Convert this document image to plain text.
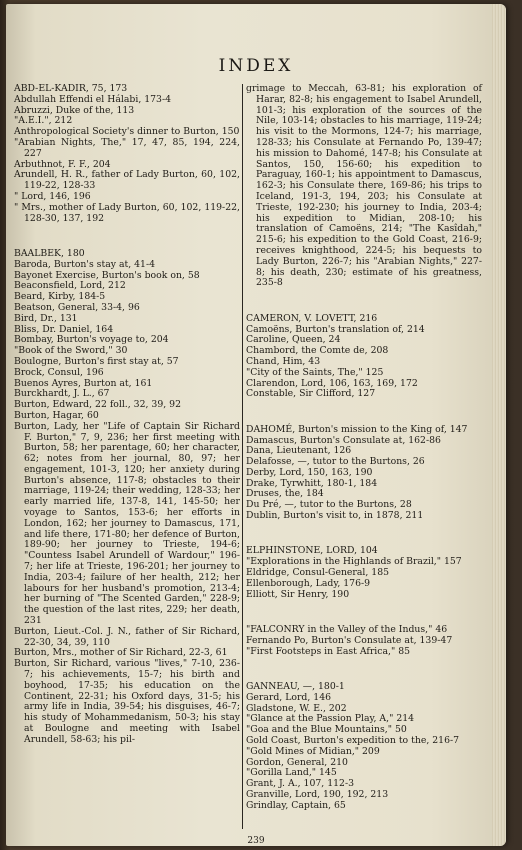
INDEX

ABD-EL-KADIR, 75, 173

Abdullah Effendi el Hálabi, 173-4

Abruzzi, Duke of the, 113

"A.E.I.", 212

Anthropological Society's dinner to Burton, 150

"Arabian Nights, The," 17, 47, 85, 194, 224, 227

Arbuthnot, F. F., 204

Arundell, H. R., father of Lady Burton, 60, 102, 119-22, 128-33

" Lord, 146, 196

" Mrs., mother of Lady Burton, 60, 102, 119-22, 128-30, 137, 192

BAALBEK, 180

Baroda, Burton's stay at, 41-4

Bayonet Exercise, Burton's book on, 58

Beaconsfield, Lord, 212

Beard, Kirby, 184-5

Beatson, General, 33-4, 96

Bird, Dr., 131

Bliss, Dr. Daniel, 164

Bombay, Burton's voyage to, 204

"Book of the Sword," 30

Boulogne, Burton's first stay at, 57

Brock, Consul, 196

Buenos Ayres, Burton at, 161

Burckhardt, J. L., 67

Burton, Edward, 22 foll., 32, 39, 92

Burton, Hagar, 60

Burton, Lady, her "Life of Captain Sir Richard F. Burton," 7, 9, 236; her first meeting with Burton, 58; her parentage, 60; her character, 62; notes from her journal, 80, 97; her engagement, 101-3, 120; her anxiety during Burton's absence, 117-8; obstacles to their marriage, 119-24; their wedding, 128-33; her early married life, 137-8, 141, 145-50; her voyage to Santos, 153-6; her efforts in London, 162; her journey to Damascus, 171, and life there, 171-80; her defence of Burton, 189-90; her journey to Trieste, 194-6; "Countess Isabel Arundell of Wardour," 196-7; her life at Trieste, 196-201; her journey to India, 203-4; failure of her health, 212; her labours for her husband's promotion, 213-4; her burning of "The Scented Garden," 228-9; the question of the last rites, 229; her death, 231

Burton, Lieut.-Col. J. N., father of Sir Richard, 22-30, 34, 39, 110

Burton, Mrs., mother of Sir Richard, 22-3, 61

Burton, Sir Richard, various "lives," 7-10, 236-7; his achievements, 15-7; his birth and boyhood, 17-35; his education on the Continent, 22-31; his Oxford days, 31-5; his army life in India, 39-54; his disguises, 46-7; his study of Mohammedanism, 50-3; his stay at Boulogne and meeting with Isabel Arundell, 58-63; his pil-

grimage to Meccah, 63-81; his exploration of Harar, 82-8; his engagement to Isabel Arundell, 101-3; his exploration of the sources of the Nile, 103-14; obstacles to his marriage, 119-24; his visit to the Mormons, 124-7; his marriage, 128-33; his Consulate at Fernando Po, 139-47; his mission to Dahomé, 147-8; his Consulate at Santos, 150, 156-60; his expedition to Paraguay, 160-1; his appointment to Damascus, 162-3; his Consulate there, 169-86; his trips to Iceland, 191-3, 194, 203; his Consulate at Trieste, 192-230; his journey to India, 203-4; his expedition to Midian, 208-10; his translation of Camoëns, 214; "The Kasîdah," 215-6; his expedition to the Gold Coast, 216-9; receives knighthood, 224-5; his bequests to Lady Burton, 226-7; his "Arabian Nights," 227-8; his death, 230; estimate of his greatness, 235-8

CAMERON, V. LOVETT, 216

Camoëns, Burton's translation of, 214

Caroline, Queen, 24

Chambord, the Comte de, 208

Chand, Him, 43

"City of the Saints, The," 125

Clarendon, Lord, 106, 163, 169, 172

Constable, Sir Clifford, 127

DAHOMÉ, Burton's mission to the King of, 147

Damascus, Burton's Consulate at, 162-86

Dana, Lieutenant, 126

Delafosse, —, tutor to the Burtons, 26

Derby, Lord, 150, 163, 190

Drake, Tyrwhitt, 180-1, 184

Druses, the, 184

Du Pré, —, tutor to the Burtons, 28

Dublin, Burton's visit to, in 1878, 211

ELPHINSTONE, LORD, 104

"Explorations in the Highlands of Brazil," 157

Eldridge, Consul-General, 185

Ellenborough, Lady, 176-9

Elliott, Sir Henry, 190

"FALCONRY in the Valley of the Indus," 46

Fernando Po, Burton's Consulate at, 139-47

"First Footsteps in East Africa," 85

GANNEAU, —, 180-1

Gerard, Lord, 146

Gladstone, W. E., 202

"Glance at the Passion Play, A," 214

"Goa and the Blue Mountains," 50

Gold Coast, Burton's expedition to the, 216-7

"Gold Mines of Midian," 209

Gordon, General, 210

"Gorilla Land," 145

Grant, J. A., 107, 112-3

Granville, Lord, 190, 192, 213

Grindlay, Captain, 65

239
